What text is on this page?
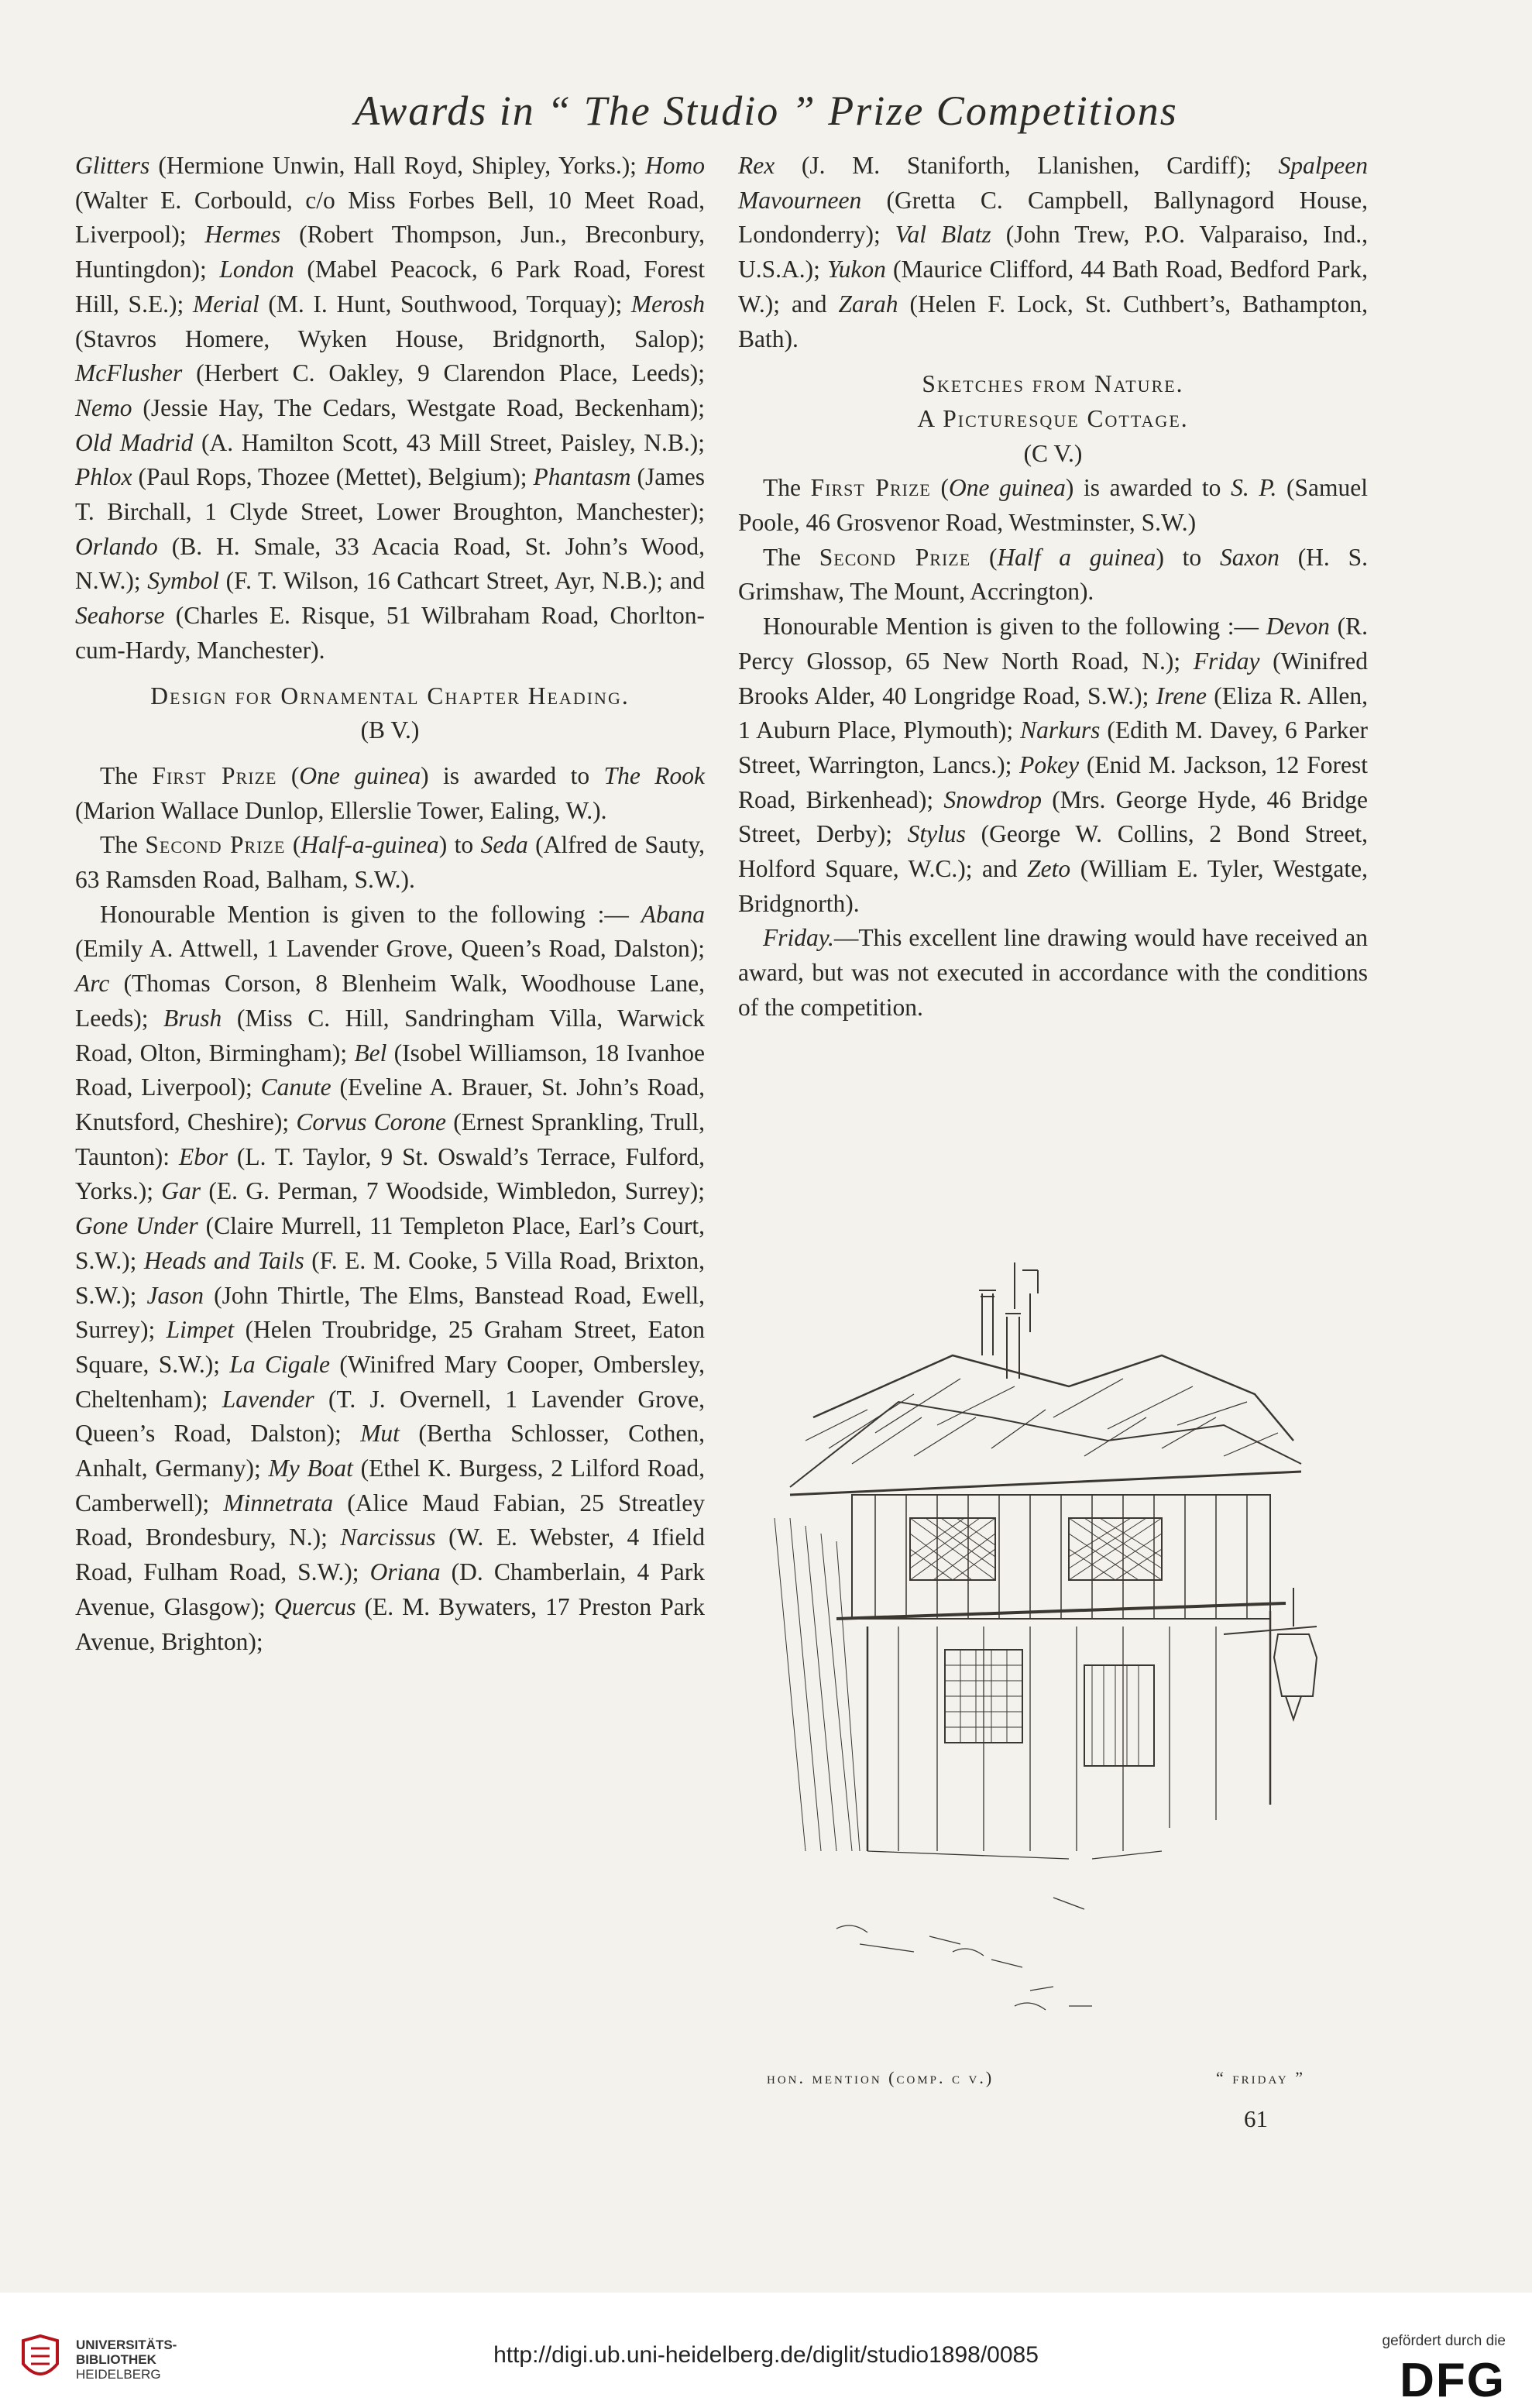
Awards in “ The Studio ” Prize Competitions

Glitters (Hermione Unwin, Hall Royd, Shipley, Yorks.); Homo (Walter E. Corbould, c/o Miss Forbes Bell, 10 Meet Road, Liverpool); Hermes (Robert Thompson, Jun., Breconbury, Huntingdon); London (Mabel Peacock, 6 Park Road, Forest Hill, S.E.); Merial (M. I. Hunt, Southwood, Torquay); Merosh (Stavros Homere, Wyken House, Bridgnorth, Salop); McFlusher (Herbert C. Oakley, 9 Clarendon Place, Leeds); Nemo (Jessie Hay, The Cedars, Westgate Road, Beckenham); Old Madrid (A. Hamilton Scott, 43 Mill Street, Paisley, N.B.); Phlox (Paul Rops, Thozee (Mettet), Belgium); Phantasm (James T. Birchall, 1 Clyde Street, Lower Broughton, Manchester); Orlando (B. H. Smale, 33 Acacia Road, St. John’s Wood, N.W.); Symbol (F. T. Wilson, 16 Cathcart Street, Ayr, N.B.); and Seahorse (Charles E. Risque, 51 Wilbraham Road, Chorlton-cum-Hardy, Manchester).

Design for Ornamental Chapter Heading.

(B V.)

The First Prize (One guinea) is awarded to The Rook (Marion Wallace Dunlop, Ellerslie Tower, Ealing, W.).

The Second Prize (Half-a-guinea) to Seda (Alfred de Sauty, 63 Ramsden Road, Balham, S.W.).

Honourable Mention is given to the following :— Abana (Emily A. Attwell, 1 Lavender Grove, Queen’s Road, Dalston); Arc (Thomas Corson, 8 Blenheim Walk, Woodhouse Lane, Leeds); Brush (Miss C. Hill, Sandringham Villa, Warwick Road, Olton, Birmingham); Bel (Isobel Williamson, 18 Ivanhoe Road, Liverpool); Canute (Eveline A. Brauer, St. John’s Road, Knutsford, Cheshire); Corvus Corone (Ernest Sprankling, Trull, Taunton): Ebor (L. T. Taylor, 9 St. Oswald’s Terrace, Fulford, Yorks.); Gar (E. G. Perman, 7 Woodside, Wimbledon, Surrey); Gone Under (Claire Murrell, 11 Templeton Place, Earl’s Court, S.W.); Heads and Tails (F. E. M. Cooke, 5 Villa Road, Brixton, S.W.); Jason (John Thirtle, The Elms, Banstead Road, Ewell, Surrey); Limpet (Helen Troubridge, 25 Graham Street, Eaton Square, S.W.); La Cigale (Winifred Mary Cooper, Ombersley, Cheltenham); Lavender (T. J. Overnell, 1 Lavender Grove, Queen’s Road, Dalston); Mut (Bertha Schlosser, Cothen, Anhalt, Germany); My Boat (Ethel K. Burgess, 2 Lilford Road, Camberwell); Minnetrata (Alice Maud Fabian, 25 Streatley Road, Brondesbury, N.); Narcissus (W. E. Webster, 4 Ifield Road, Fulham Road, S.W.); Oriana (D. Chamberlain, 4 Park Avenue, Glasgow); Quercus (E. M. Bywaters, 17 Preston Park Avenue, Brighton);

Rex (J. M. Staniforth, Llanishen, Cardiff); Spalpeen Mavourneen (Gretta C. Campbell, Ballynagord House, Londonderry); Val Blatz (John Trew, P.O. Valparaiso, Ind., U.S.A.); Yukon (Maurice Clifford, 44 Bath Road, Bedford Park, W.); and Zarah (Helen F. Lock, St. Cuthbert’s, Bathampton, Bath).

Sketches from Nature.

A Picturesque Cottage.

(C V.)

The First Prize (One guinea) is awarded to S. P. (Samuel Poole, 46 Grosvenor Road, Westminster, S.W.)

The Second Prize (Half a guinea) to Saxon (H. S. Grimshaw, The Mount, Accrington).

Honourable Mention is given to the following :— Devon (R. Percy Glossop, 65 New North Road, N.); Friday (Winifred Brooks Alder, 40 Longridge Road, S.W.); Irene (Eliza R. Allen, 1 Auburn Place, Plymouth); Narkurs (Edith M. Davey, 6 Parker Street, Warrington, Lancs.); Pokey (Enid M. Jackson, 12 Forest Road, Birkenhead); Snowdrop (Mrs. George Hyde, 46 Bridge Street, Derby); Stylus (George W. Collins, 2 Bond Street, Holford Square, W.C.); and Zeto (William E. Tyler, Westgate, Bridgnorth).

Friday.—This excellent line drawing would have received an award, but was not executed in accordance with the conditions of the competition.

hon. mention (comp. c v.)	“ friday ”
61
UNIVERSITÄTS-
BIBLIOTHEK
HEIDELBERG
http://digi.ub.uni-heidelberg.de/diglit/studio1898/0085
gefördert durch die
DFG
